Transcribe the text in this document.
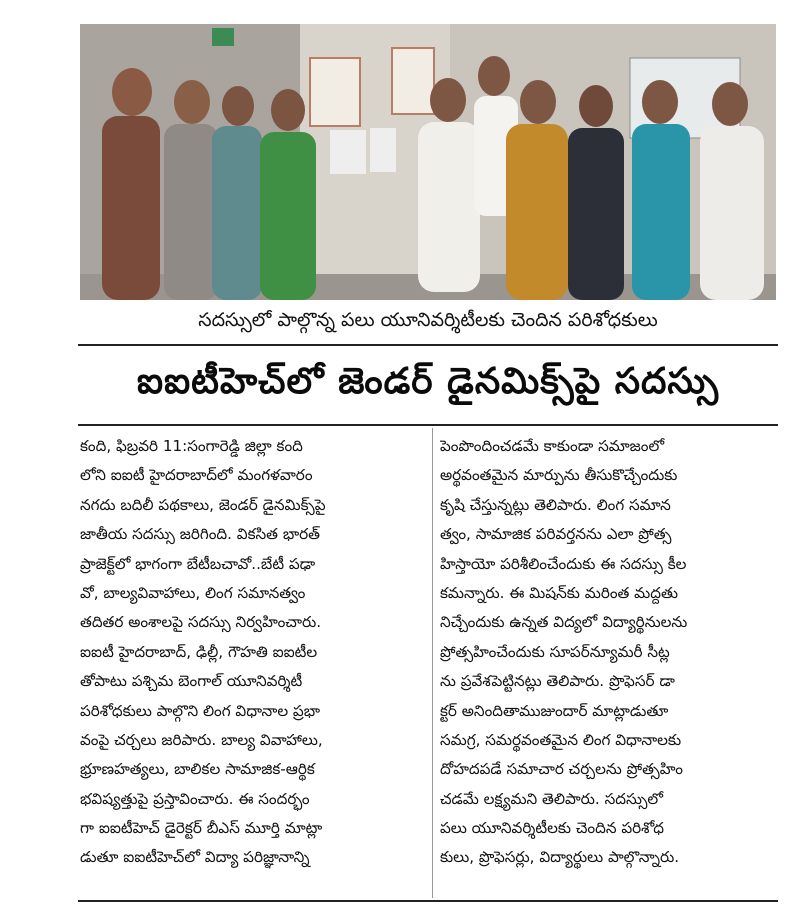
సదస్సులో పాల్గొన్న పలు యూనివర్శిటీలకు చెందిన పరిశోధకులు
ఐఐటీహెచ్‌లో జెండర్ డైనమిక్స్‌పై సదస్సు
కంది, ఫిబ్రవరి 11:సంగారెడ్డి జిల్లా కంది
లోని ఐఐటీ హైదరాబాద్‌లో మంగళవారం
నగదు బదిలీ పథకాలు, జెండర్ డైనమిక్స్‌పై
జాతీయ సదస్సు జరిగింది. వికసిత భారత్
ప్రాజెక్ట్‌లో భాగంగా బేటీబచావో..బేటీ పఢా
వో, బాల్యవివాహాలు, లింగ సమానత్వం
తదితర అంశాలపై సదస్సు నిర్వహించారు.
ఐఐటీ హైదరాబాద్, ఢిల్లీ, గౌహతి ఐఐటీల
తోపాటు పశ్చిమ బెంగాల్ యూనివర్శిటీ
పరిశోధకులు పాల్గొని లింగ విధానాల ప్రభా
వంపై చర్చలు జరిపారు. బాల్య వివాహాలు,
భ్రూణహత్యలు, బాలికల సామాజిక-ఆర్థిక
భవిష్యత్తుపై ప్రస్తావించారు. ఈ సందర్భం
గా ఐఐటీహెచ్ డైరెక్టర్ బీఎస్ మూర్తి మాట్లా
డుతూ ఐఐటీహెచ్‌లో విద్యా పరిజ్ఞానాన్ని
పెంపొందించడమే కాకుండా సమాజంలో
అర్థవంతమైన మార్పును తీసుకొచ్చేందుకు
కృషి చేస్తున్నట్లు తెలిపారు. లింగ సమాన
త్వం, సామాజిక పరివర్తనను ఎలా ప్రోత్స
హిస్తాయో పరిశీలించేందుకు ఈ సదస్సు కీల
కమన్నారు. ఈ మిషన్‌కు మరింత మద్దతు
నిచ్చేందుకు ఉన్నత విద్యలో విద్యార్థినులను
ప్రోత్సహించేందుకు సూపర్‌న్యూమరీ సీట్ల
ను ప్రవేశపెట్టినట్లు తెలిపారు. ప్రొఫెసర్ డా
క్టర్ అనిందితాముజుందార్ మాట్లాడుతూ
సమగ్ర, సమర్థవంతమైన లింగ విధానాలకు
దోహదపడే సమాచార చర్చలను ప్రోత్సహిం
చడమే లక్ష్యమని తెలిపారు. సదస్సులో
పలు యూనివర్శిటీలకు చెందిన పరిశోధ
కులు, ప్రొఫెసర్లు, విద్యార్థులు పాల్గొన్నారు.
